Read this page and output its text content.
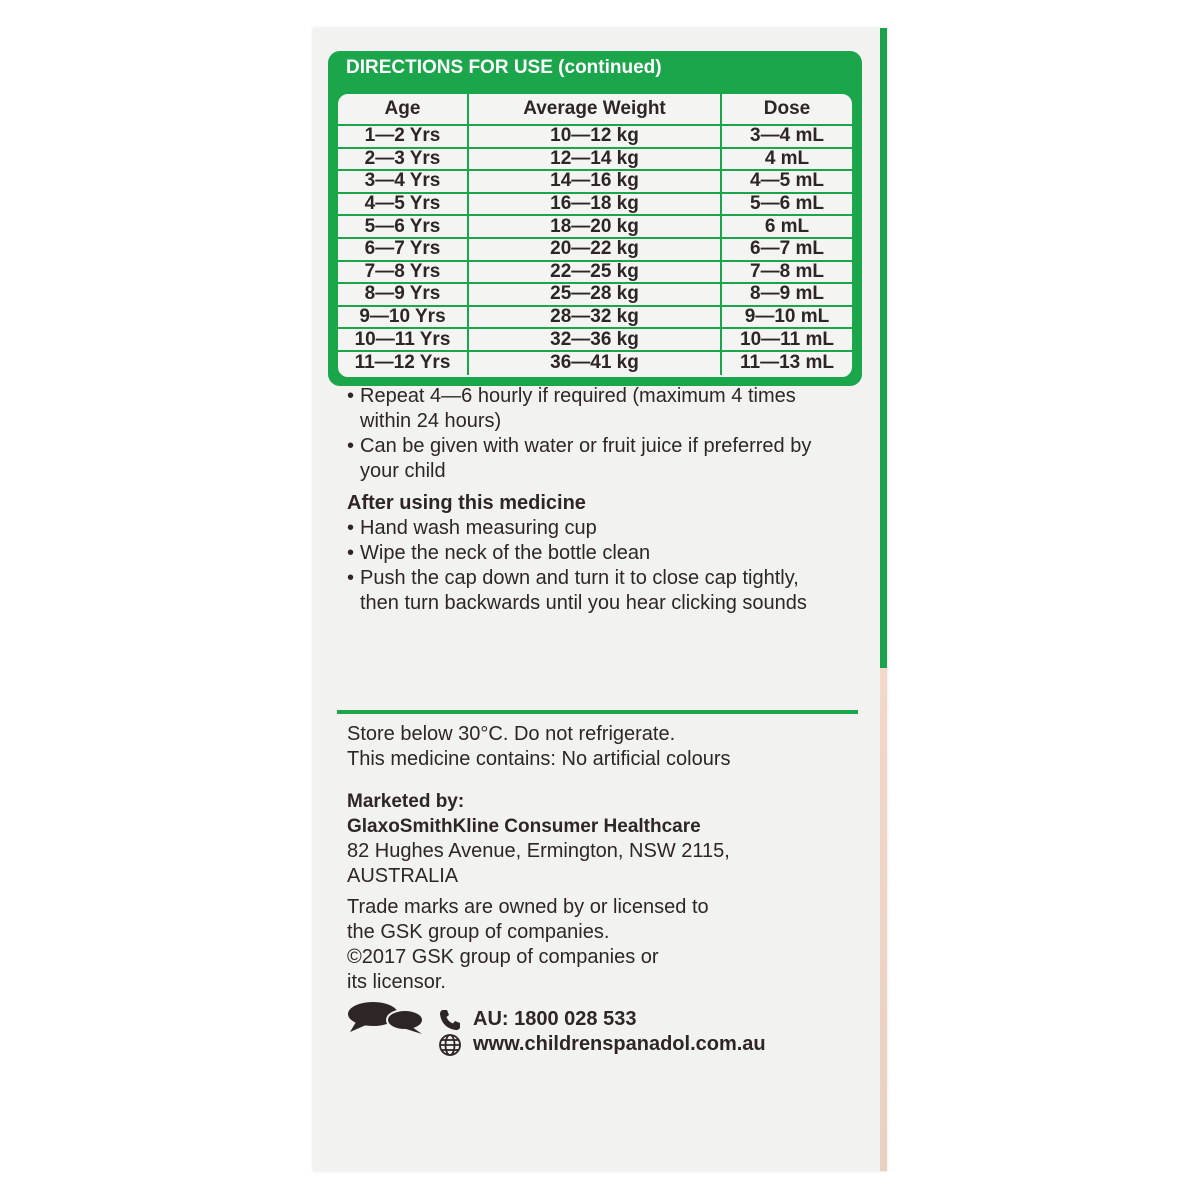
DIRECTIONS FOR USE (continued)
Age	Average Weight	Dose
1—2 Yrs	10—12 kg	3—4 mL
2—3 Yrs	12—14 kg	4 mL
3—4 Yrs	14—16 kg	4—5 mL
4—5 Yrs	16—18 kg	5—6 mL
5—6 Yrs	18—20 kg	6 mL
6—7 Yrs	20—22 kg	6—7 mL
7—8 Yrs	22—25 kg	7—8 mL
8—9 Yrs	25—28 kg	8—9 mL
9—10 Yrs	28—32 kg	9—10 mL
10—11 Yrs	32—36 kg	10—11 mL
11—12 Yrs	36—41 kg	11—13 mL
• Repeat 4—6 hourly if required (maximum 4 times within 24 hours)
• Can be given with water or fruit juice if preferred by your child
After using this medicine
• Hand wash measuring cup
• Wipe the neck of the bottle clean
• Push the cap down and turn it to close cap tightly, then turn backwards until you hear clicking sounds
Store below 30°C. Do not refrigerate.
This medicine contains: No artificial colours
Marketed by:
GlaxoSmithKline Consumer Healthcare
82 Hughes Avenue, Ermington, NSW 2115,
AUSTRALIA
Trade marks are owned by or licensed to
the GSK group of companies.
©2017 GSK group of companies or
its licensor.
AU: 1800 028 533
www.childrenspanadol.com.au
